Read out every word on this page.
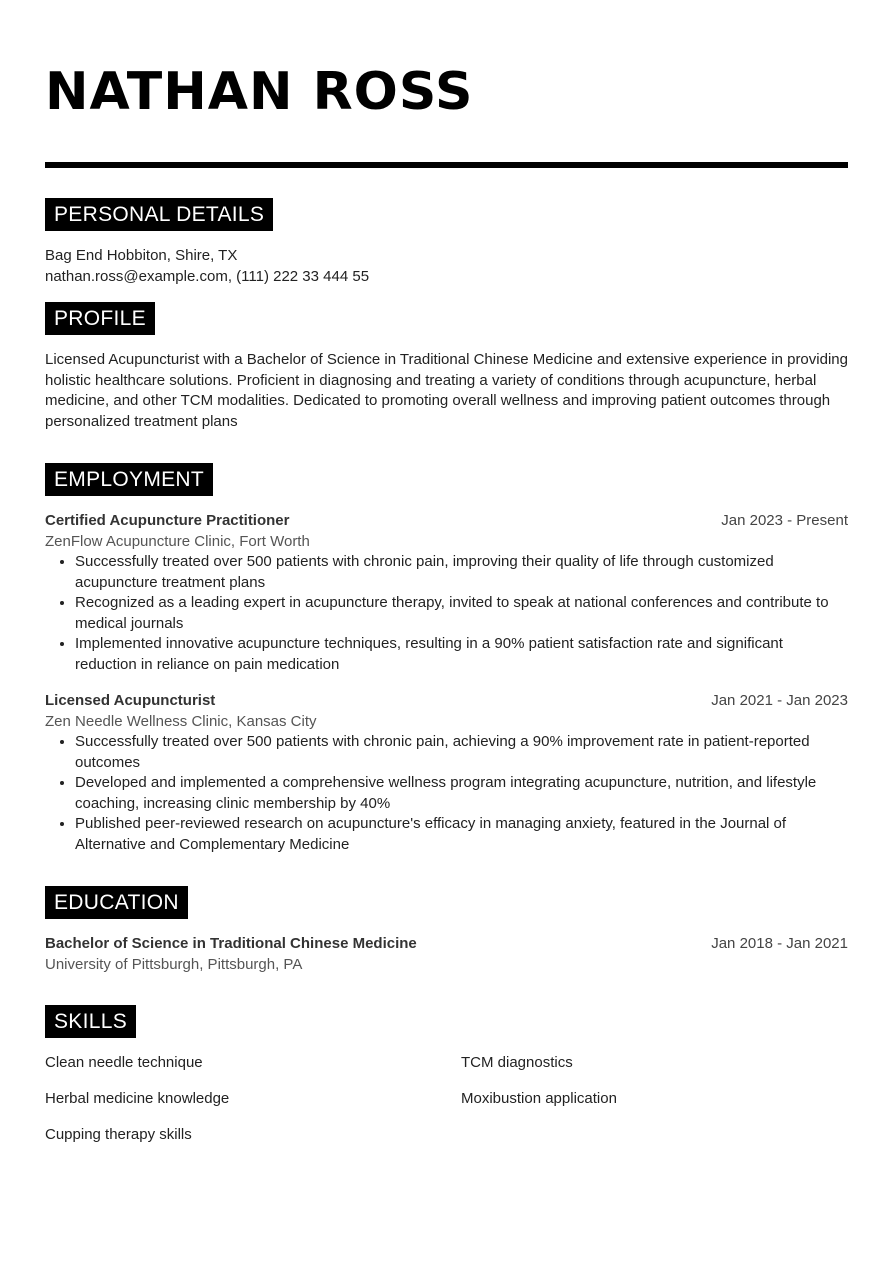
NATHAN ROSS
PERSONAL DETAILS
Bag End Hobbiton, Shire, TX
nathan.ross@example.com, (111) 222 33 444 55
PROFILE
Licensed Acupuncturist with a Bachelor of Science in Traditional Chinese Medicine and extensive experience in providing holistic healthcare solutions. Proficient in diagnosing and treating a variety of conditions through acupuncture, herbal medicine, and other TCM modalities. Dedicated to promoting overall wellness and improving patient outcomes through personalized treatment plans
EMPLOYMENT
Certified Acupuncture Practitioner	Jan 2023 - Present
ZenFlow Acupuncture Clinic, Fort Worth
• Successfully treated over 500 patients with chronic pain, improving their quality of life through customized acupuncture treatment plans
• Recognized as a leading expert in acupuncture therapy, invited to speak at national conferences and contribute to medical journals
• Implemented innovative acupuncture techniques, resulting in a 90% patient satisfaction rate and significant reduction in reliance on pain medication
Licensed Acupuncturist	Jan 2021 - Jan 2023
Zen Needle Wellness Clinic, Kansas City
• Successfully treated over 500 patients with chronic pain, achieving a 90% improvement rate in patient-reported outcomes
• Developed and implemented a comprehensive wellness program integrating acupuncture, nutrition, and lifestyle coaching, increasing clinic membership by 40%
• Published peer-reviewed research on acupuncture's efficacy in managing anxiety, featured in the Journal of Alternative and Complementary Medicine
EDUCATION
Bachelor of Science in Traditional Chinese Medicine	Jan 2018 - Jan 2021
University of Pittsburgh, Pittsburgh, PA
SKILLS
Clean needle technique	TCM diagnostics
Herbal medicine knowledge	Moxibustion application
Cupping therapy skills
